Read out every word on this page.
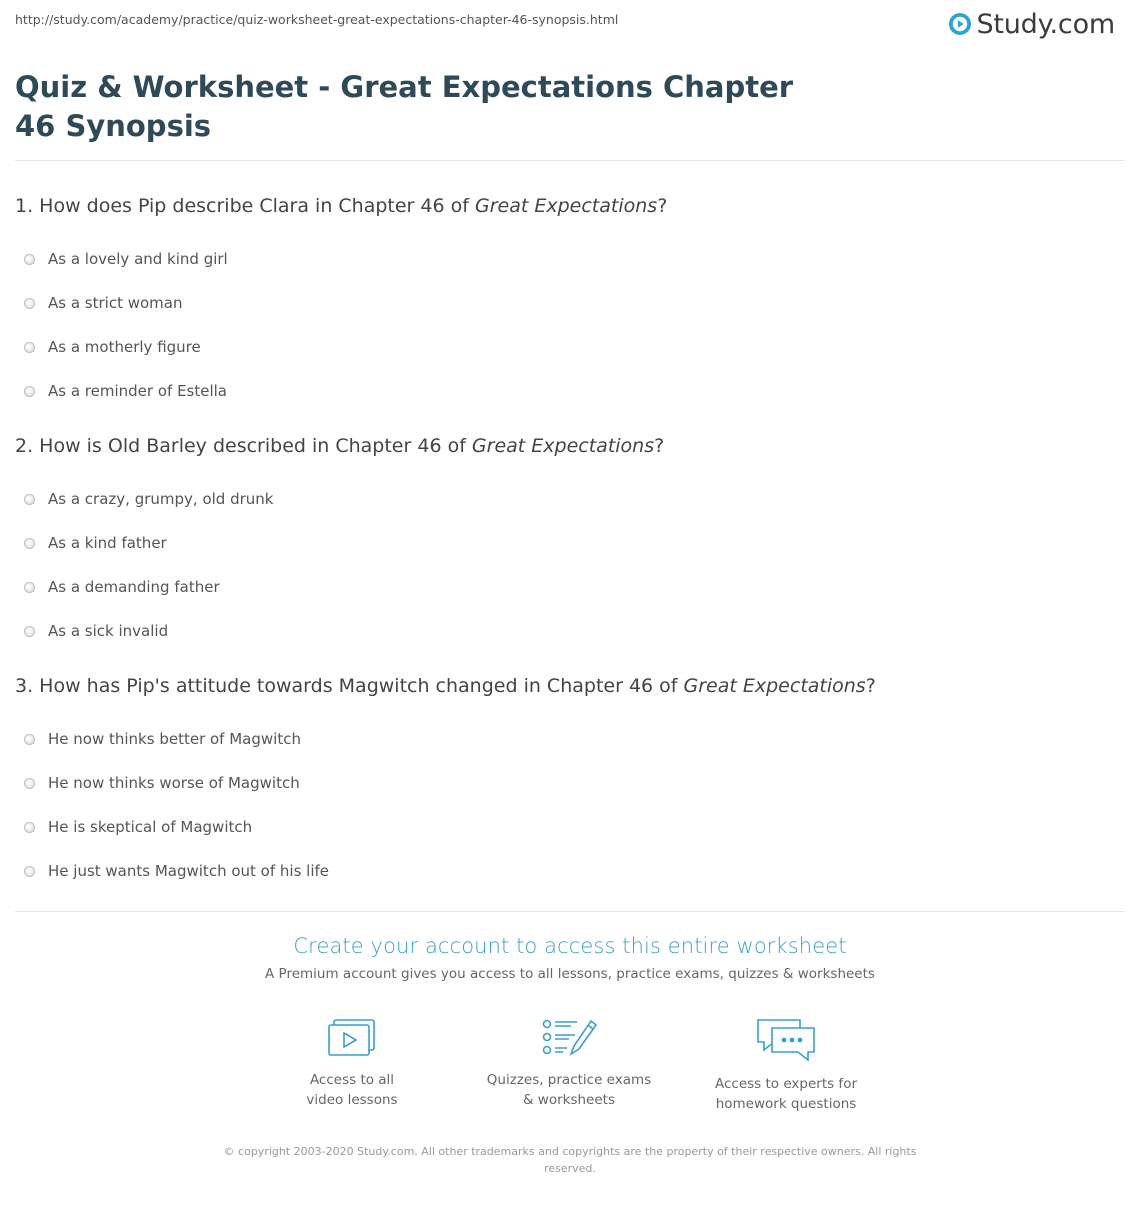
http://study.com/academy/practice/quiz-worksheet-great-expectations-chapter-46-synopsis.html	Study.com
Quiz & Worksheet - Great Expectations Chapter 46 Synopsis
1. How does Pip describe Clara in Chapter 46 of Great Expectations?
As a lovely and kind girl
As a strict woman
As a motherly figure
As a reminder of Estella
2. How is Old Barley described in Chapter 46 of Great Expectations?
As a crazy, grumpy, old drunk
As a kind father
As a demanding father
As a sick invalid
3. How has Pip's attitude towards Magwitch changed in Chapter 46 of Great Expectations?
He now thinks better of Magwitch
He now thinks worse of Magwitch
He is skeptical of Magwitch
He just wants Magwitch out of his life
Create your account to access this entire worksheet
A Premium account gives you access to all lessons, practice exams, quizzes & worksheets
Access to all
video lessons
Quizzes, practice exams
& worksheets
Access to experts for
homework questions
© copyright 2003-2020 Study.com. All other trademarks and copyrights are the property of their respective owners. All rights reserved.
